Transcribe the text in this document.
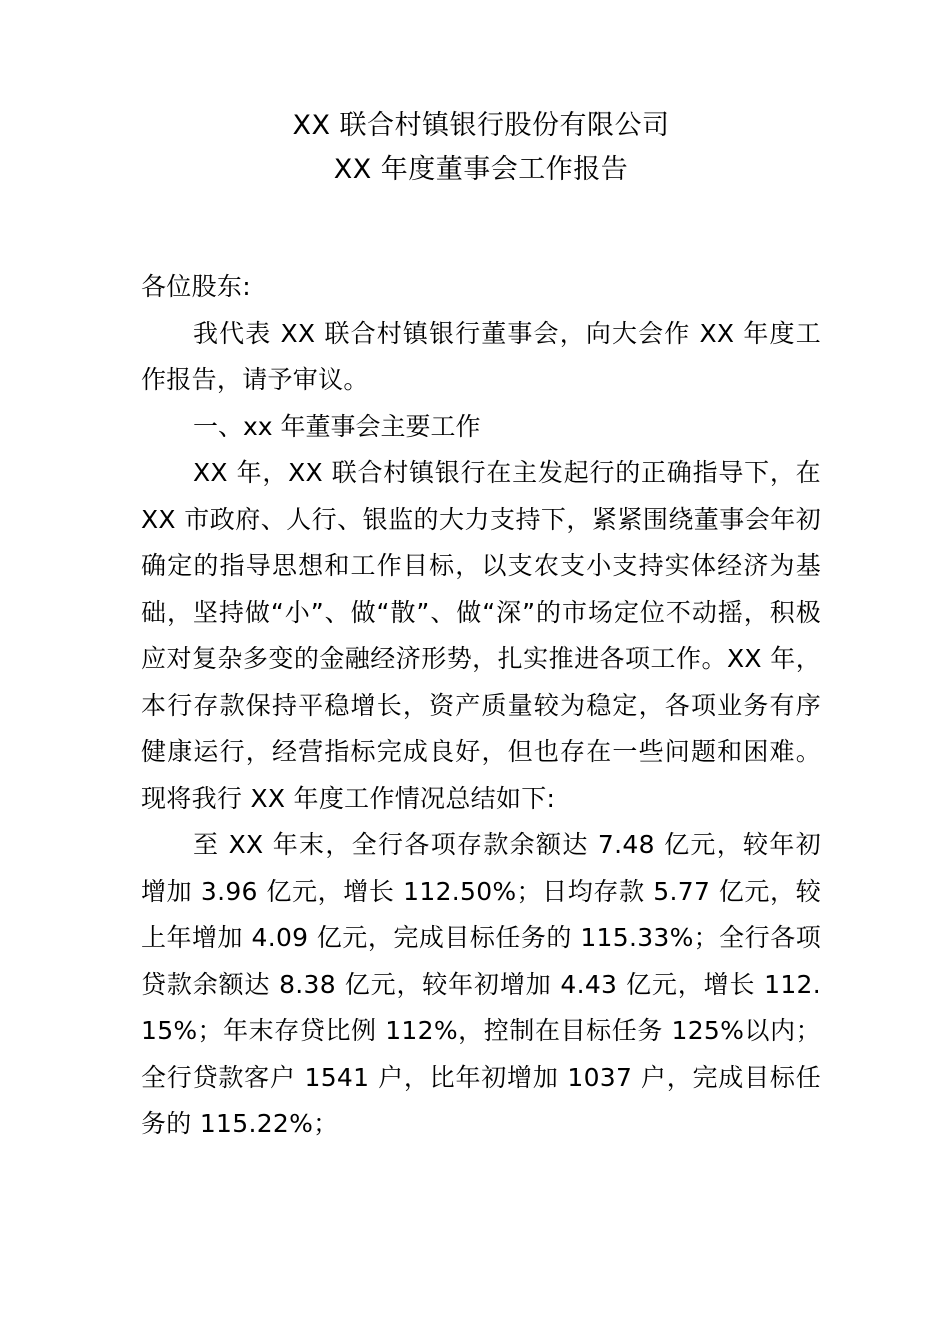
XX 联合村镇银行股份有限公司
XX 年度董事会工作报告

各位股东:

我代表 XX 联合村镇银行董事会，向大会作 XX 年度工作报告，请予审议。

一、xx 年董事会主要工作

XX 年，XX 联合村镇银行在主发起行的正确指导下，在 XX 市政府、人行、银监的大力支持下，紧紧围绕董事会年初确定的指导思想和工作目标，以支农支小支持实体经济为基础，坚持做“小”、做“散”、做“深”的市场定位不动摇，积极应对复杂多变的金融经济形势，扎实推进各项工作。XX 年，本行存款保持平稳增长，资产质量较为稳定，各项业务有序健康运行，经营指标完成良好，但也存在一些问题和困难。现将我行 XX 年度工作情况总结如下:

至 XX 年末，全行各项存款余额达 7.48 亿元，较年初增加 3.96 亿元，增长 112.50%；日均存款 5.77 亿元，较上年增加 4.09 亿元，完成目标任务的 115.33%；全行各项贷款余额达 8.38 亿元，较年初增加 4.43 亿元，增长 112.15%；年末存贷比例 112%，控制在目标任务 125%以内；全行贷款客户 1541 户，比年初增加 1037 户，完成目标任务的 115.22%；
